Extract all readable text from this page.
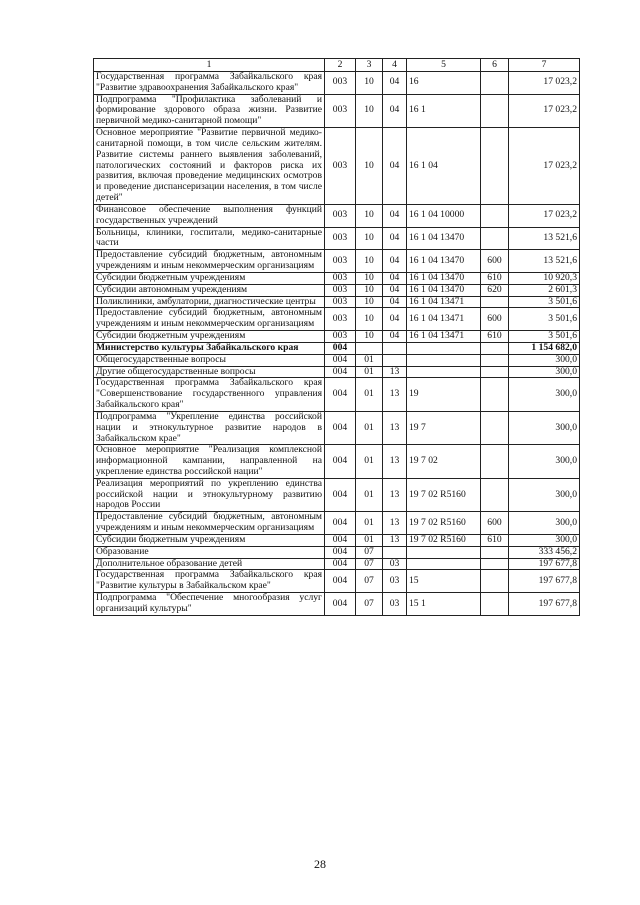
1	2	3	4	5	6	7
Государственная программа Забайкальского края "Развитие здравоохранения Забайкальского края"	003	10	04	16		17 023,2
Подпрограмма "Профилактика заболеваний и формирование здорового образа жизни. Развитие первичной медико-санитарной помощи"	003	10	04	16 1		17 023,2
Основное мероприятие "Развитие первичной медико-санитарной помощи, в том числе сельским жителям. Развитие системы раннего выявления заболеваний, патологических состояний и факторов риска их развития, включая проведение медицинских осмотров и проведение диспансеризации населения, в том числе детей"	003	10	04	16 1 04		17 023,2
Финансовое обеспечение выполнения функций государственных учреждений	003	10	04	16 1 04 10000		17 023,2
Больницы, клиники, госпитали, медико-санитарные части	003	10	04	16 1 04 13470		13 521,6
Предоставление субсидий бюджетным, автономным учреждениям и иным некоммерческим организациям	003	10	04	16 1 04 13470	600	13 521,6
Субсидии бюджетным учреждениям	003	10	04	16 1 04 13470	610	10 920,3
Субсидии автономным учреждениям	003	10	04	16 1 04 13470	620	2 601,3
Поликлиники, амбулатории, диагностические центры	003	10	04	16 1 04 13471		3 501,6
Предоставление субсидий бюджетным, автономным учреждениям и иным некоммерческим организациям	003	10	04	16 1 04 13471	600	3 501,6
Субсидии бюджетным учреждениям	003	10	04	16 1 04 13471	610	3 501,6
Министерство культуры Забайкальского края	004					1 154 682,0
Общегосударственные вопросы	004	01				300,0
Другие общегосударственные вопросы	004	01	13			300,0
Государственная программа Забайкальского края "Совершенствование государственного управления Забайкальского края"	004	01	13	19		300,0
Подпрограмма "Укрепление единства российской нации и этнокультурное развитие народов в Забайкальском крае"	004	01	13	19 7		300,0
Основное мероприятие "Реализация комплексной информационной кампании, направленной на укрепление единства российской нации"	004	01	13	19 7 02		300,0
Реализация мероприятий по укреплению единства российской нации и этнокультурному развитию народов России	004	01	13	19 7 02 R5160		300,0
Предоставление субсидий бюджетным, автономным учреждениям и иным некоммерческим организациям	004	01	13	19 7 02 R5160	600	300,0
Субсидии бюджетным учреждениям	004	01	13	19 7 02 R5160	610	300,0
Образование	004	07				333 456,2
Дополнительное образование детей	004	07	03			197 677,8
Государственная программа Забайкальского края "Развитие культуры в Забайкальском крае"	004	07	03	15		197 677,8
Подпрограмма "Обеспечение многообразия услуг организаций культуры"	004	07	03	15 1		197 677,8
28
